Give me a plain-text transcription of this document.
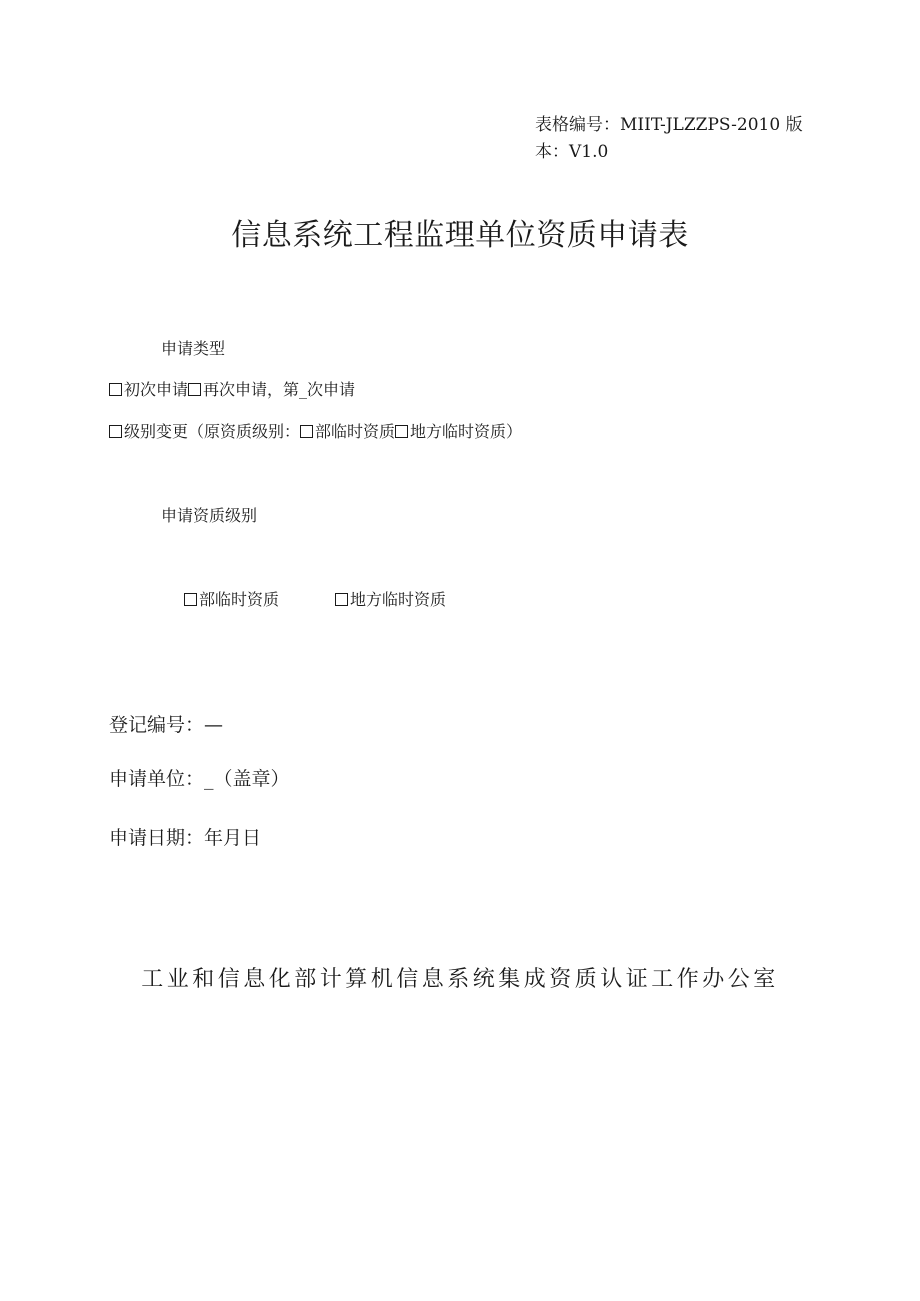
表格编号：MIIT-JLZZPS-2010 版本：V1.0
信息系统工程监理单位资质申请表
申请类型
初次申请 再次申请，第_次申请
级别变更（原资质级别： 部临时资质 地方临时资质）
申请资质级别
部临时资质	地方临时资质
登记编号：—
申请单位：_（盖章）
申请日期：年月日
工业和信息化部计算机信息系统集成资质认证工作办公室
